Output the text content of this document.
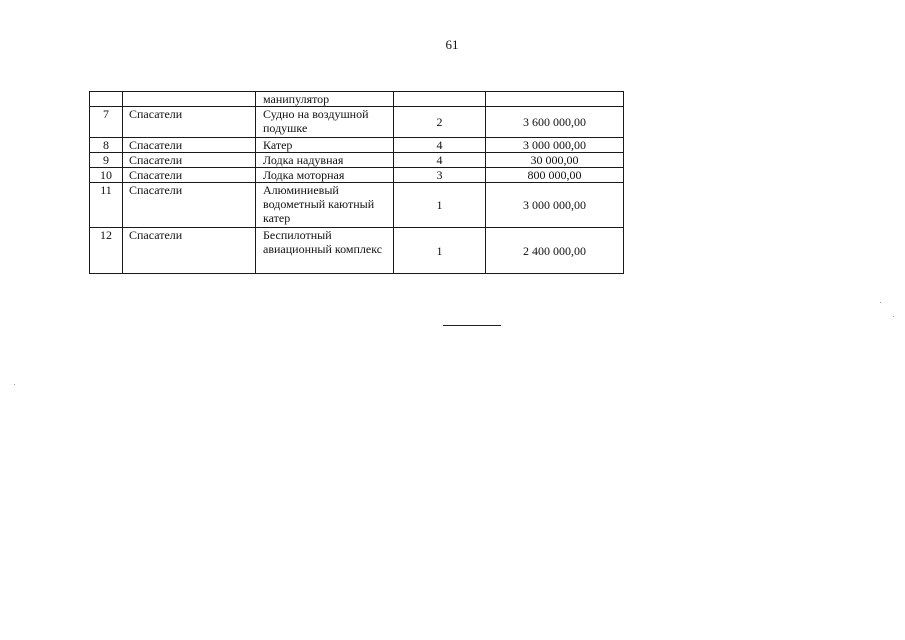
61
		манипулятор		
7	Спасатели	Судно на воздушной подушке	2	3 600 000,00
8	Спасатели	Катер	4	3 000 000,00
9	Спасатели	Лодка надувная	4	30 000,00
10	Спасатели	Лодка моторная	3	800 000,00
11	Спасатели	Алюминиевый водометный каютный катер	1	3 000 000,00
12	Спасатели	Беспилотный авиационный комплекс	1	2 400 000,00
